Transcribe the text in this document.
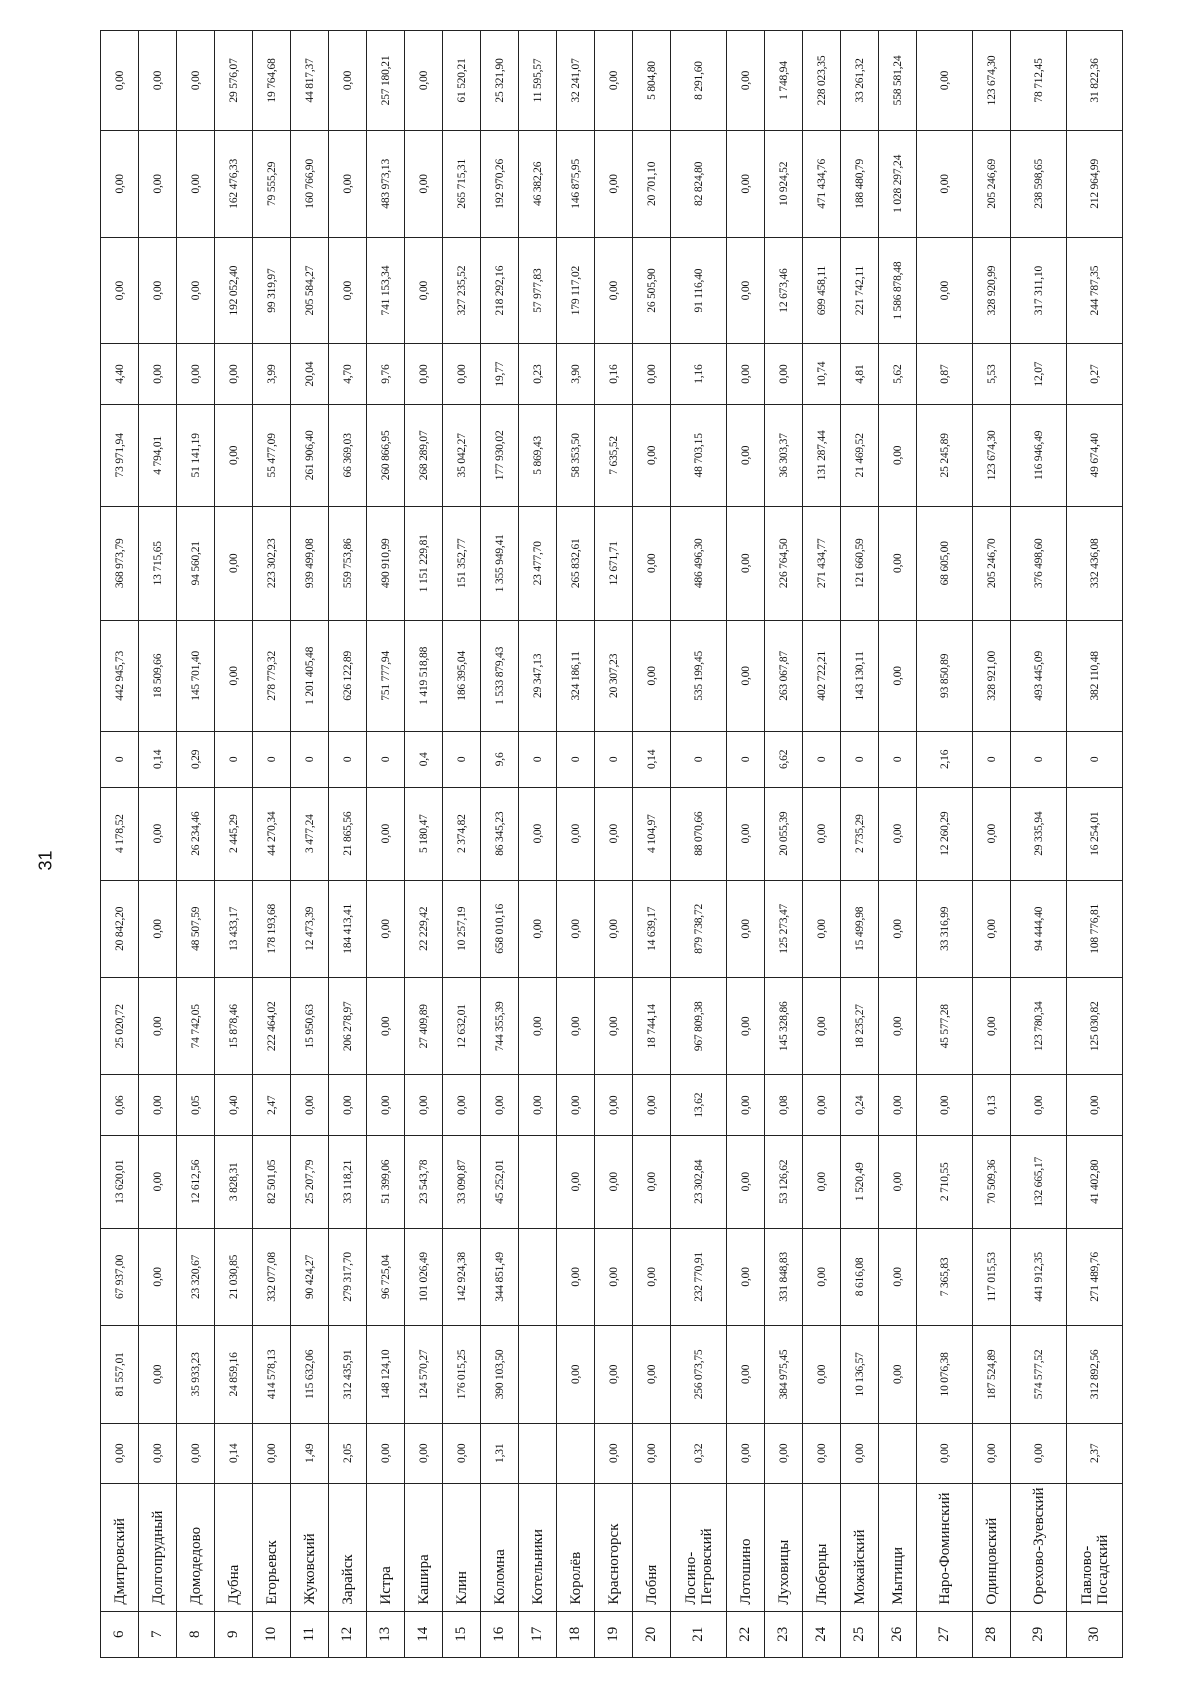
31
6	Дмитровский	0,00	81 557,01	67 937,00	13 620,01	0,06	25 020,72	20 842,20	4 178,52	0	442 945,73	368 973,79	73 971,94	4,40	0,00	0,00	0,00
7	Долгопрудный	0,00	0,00	0,00	0,00	0,00	0,00	0,00	0,00	0,14	18 509,66	13 715,65	4 794,01	0,00	0,00	0,00	0,00
8	Домодедово	0,00	35 933,23	23 320,67	12 612,56	0,05	74 742,05	48 507,59	26 234,46	0,29	145 701,40	94 560,21	51 141,19	0,00	0,00	0,00	0,00
9	Дубна	0,14	24 859,16	21 030,85	3 828,31	0,40	15 878,46	13 433,17	2 445,29	0	0,00	0,00	0,00	0,00	192 052,40	162 476,33	29 576,07
10	Егорьевск	0,00	414 578,13	332 077,08	82 501,05	2,47	222 464,02	178 193,68	44 270,34	0	278 779,32	223 302,23	55 477,09	3,99	99 319,97	79 555,29	19 764,68
11	Жуковский	1,49	115 632,06	90 424,27	25 207,79	0,00	15 950,63	12 473,39	3 477,24	0	1 201 405,48	939 499,08	261 906,40	20,04	205 584,27	160 766,90	44 817,37
12	Зарайск	2,05	312 435,91	279 317,70	33 118,21	0,00	206 278,97	184 413,41	21 865,56	0	626 122,89	559 753,86	66 369,03	4,70	0,00	0,00	0,00
13	Истра	0,00	148 124,10	96 725,04	51 399,06	0,00	0,00	0,00	0,00	0	751 777,94	490 910,99	260 866,95	9,76	741 153,34	483 973,13	257 180,21
14	Кашира	0,00	124 570,27	101 026,49	23 543,78	0,00	27 409,89	22 229,42	5 180,47	0,4	1 419 518,88	1 151 229,81	268 289,07	0,00	0,00	0,00	0,00
15	Клин	0,00	176 015,25	142 924,38	33 090,87	0,00	12 632,01	10 257,19	2 374,82	0	186 395,04	151 352,77	35 042,27	0,00	327 235,52	265 715,31	61 520,21
16	Коломна	1,31	390 103,50	344 851,49	45 252,01	0,00	744 355,39	658 010,16	86 345,23	9,6	1 533 879,43	1 355 949,41	177 930,02	19,77	218 292,16	192 970,26	25 321,90
17	Котельники					0,00	0,00	0,00	0,00	0	29 347,13	23 477,70	5 869,43	0,23	57 977,83	46 382,26	11 595,57
18	Королёв		0,00	0,00	0,00	0,00	0,00	0,00	0,00	0	324 186,11	265 832,61	58 353,50	3,90	179 117,02	146 875,95	32 241,07
19	Красногорск	0,00	0,00	0,00	0,00	0,00	0,00	0,00	0,00	0	20 307,23	12 671,71	7 635,52	0,16	0,00	0,00	0,00
20	Лобня	0,00	0,00	0,00	0,00	0,00	18 744,14	14 639,17	4 104,97	0,14	0,00	0,00	0,00	0,00	26 505,90	20 701,10	5 804,80
21	Лосино-Петровский	0,32	256 073,75	232 770,91	23 302,84	13,62	967 809,38	879 738,72	88 070,66	0	535 199,45	486 496,30	48 703,15	1,16	91 116,40	82 824,80	8 291,60
22	Лотошино	0,00	0,00	0,00	0,00	0,00	0,00	0,00	0,00	0	0,00	0,00	0,00	0,00	0,00	0,00	0,00
23	Луховицы	0,00	384 975,45	331 848,83	53 126,62	0,08	145 328,86	125 273,47	20 055,39	6,62	263 067,87	226 764,50	36 303,37	0,00	12 673,46	10 924,52	1 748,94
24	Люберцы	0,00	0,00	0,00	0,00	0,00	0,00	0,00	0,00	0	402 722,21	271 434,77	131 287,44	10,74	699 458,11	471 434,76	228 023,35
25	Можайский	0,00	10 136,57	8 616,08	1 520,49	0,24	18 235,27	15 499,98	2 735,29	0	143 130,11	121 660,59	21 469,52	4,81	221 742,11	188 480,79	33 261,32
26	Мытищи		0,00	0,00	0,00	0,00	0,00	0,00	0,00	0	0,00	0,00	0,00	5,62	1 586 878,48	1 028 297,24	558 581,24
27	Наро-Фоминский	0,00	10 076,38	7 365,83	2 710,55	0,00	45 577,28	33 316,99	12 260,29	2,16	93 850,89	68 605,00	25 245,89	0,87	0,00	0,00	0,00
28	Одинцовский	0,00	187 524,89	117 015,53	70 509,36	0,13	0,00	0,00	0,00	0	328 921,00	205 246,70	123 674,30	5,53	328 920,99	205 246,69	123 674,30
29	Орехово-Зуевский	0,00	574 577,52	441 912,35	132 665,17	0,00	123 780,34	94 444,40	29 335,94	0	493 445,09	376 498,60	116 946,49	12,07	317 311,10	238 598,65	78 712,45
30	Павлово-Посадский	2,37	312 892,56	271 489,76	41 402,80	0,00	125 030,82	108 776,81	16 254,01	0	382 110,48	332 436,08	49 674,40	0,27	244 787,35	212 964,99	31 822,36
